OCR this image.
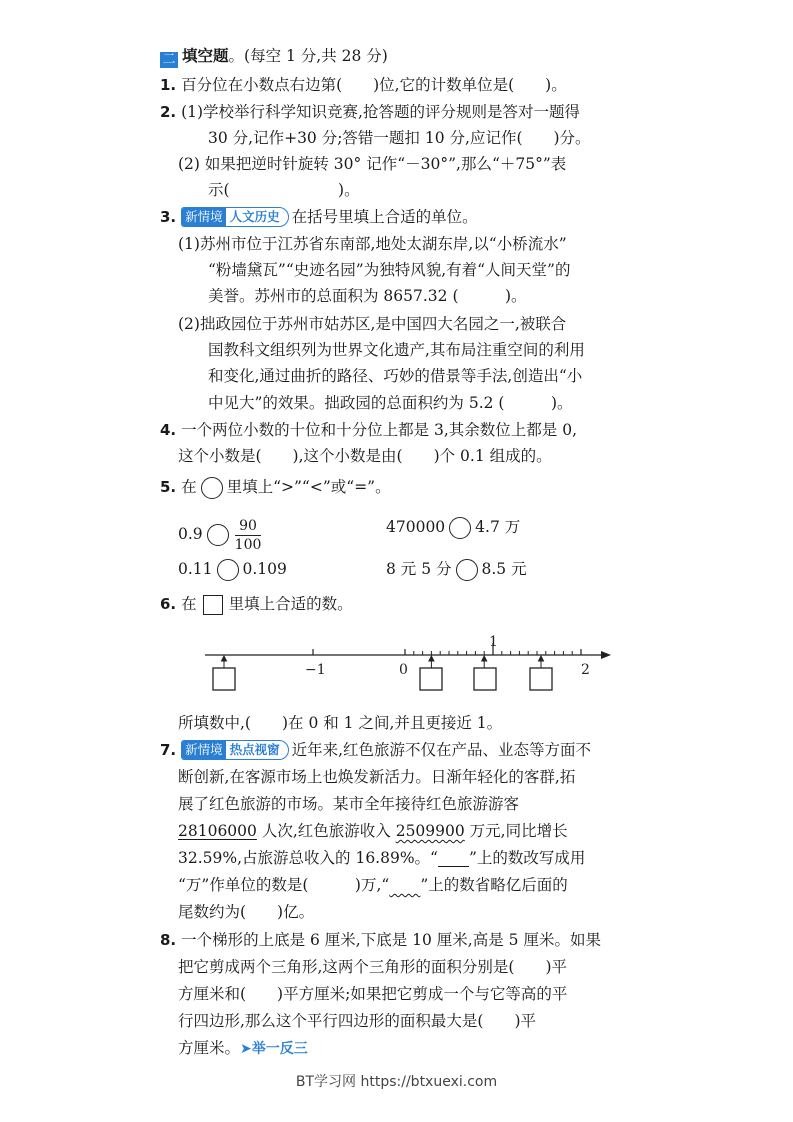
二 填空题。(每空 1 分,共 28 分)
1. 百分位在小数点右边第(　　)位,它的计数单位是(　　)。
2. (1)学校举行科学知识竞赛,抢答题的评分规则是答对一题得
30 分,记作+30 分;答错一题扣 10 分,应记作(　　)分。
(2) 如果把逆时针旋转 30° 记作“－30°”,那么“＋75°”表
示(　　　　　　　)。
3. 新情境 人文历史 在括号里填上合适的单位。
(1)苏州市位于江苏省东南部,地处太湖东岸,以“小桥流水”
“粉墙黛瓦”“史迹名园”为独特风貌,有着“人间天堂”的
美誉。苏州市的总面积为 8657.32 (　　　)。
(2)拙政园位于苏州市姑苏区,是中国四大名园之一,被联合
国教科文组织列为世界文化遗产,其布局注重空间的利用
和变化,通过曲折的路径、巧妙的借景等手法,创造出“小
中见大”的效果。拙政园的总面积约为 5.2 (　　　)。
4. 一个两位小数的十位和十分位上都是 3,其余数位上都是 0,
这个小数是(　　),这个小数是由(　　)个 0.1 组成的。
5. 在 里填上“>”“<”或“=”。
$0.9 \frac{90}{100}$	470000 4.7 万
0.11 0.109	8 元 5 分 8.5 元
6. 在 里填上合适的数。
−1	0
1
2
所填数中,(　　)在 0 和 1 之间,并且更接近 1。
7. 新情境 热点视窗 近年来,红色旅游不仅在产品、业态等方面不
断创新,在客源市场上也焕发新活力。日渐年轻化的客群,拓
展了红色旅游的市场。某市全年接待红色旅游游客
28106000 人次,红色旅游收入 2509900 万元,同比增长
32.59%,占旅游总收入的 16.89%。“　　 ”上的数改写成用
“万”作单位的数是(　　　)万,“　　 ”上的数省略亿后面的
尾数约为(　　)亿。
8. 一个梯形的上底是 6 厘米,下底是 10 厘米,高是 5 厘米。如果
把它剪成两个三角形,这两个三角形的面积分别是(　　)平
方厘米和(　　)平方厘米;如果把它剪成一个与它等高的平
行四边形,那么这个平行四边形的面积最大是(　　)平
方厘米。➤举一反三
BT学习网 https://btxuexi.com
